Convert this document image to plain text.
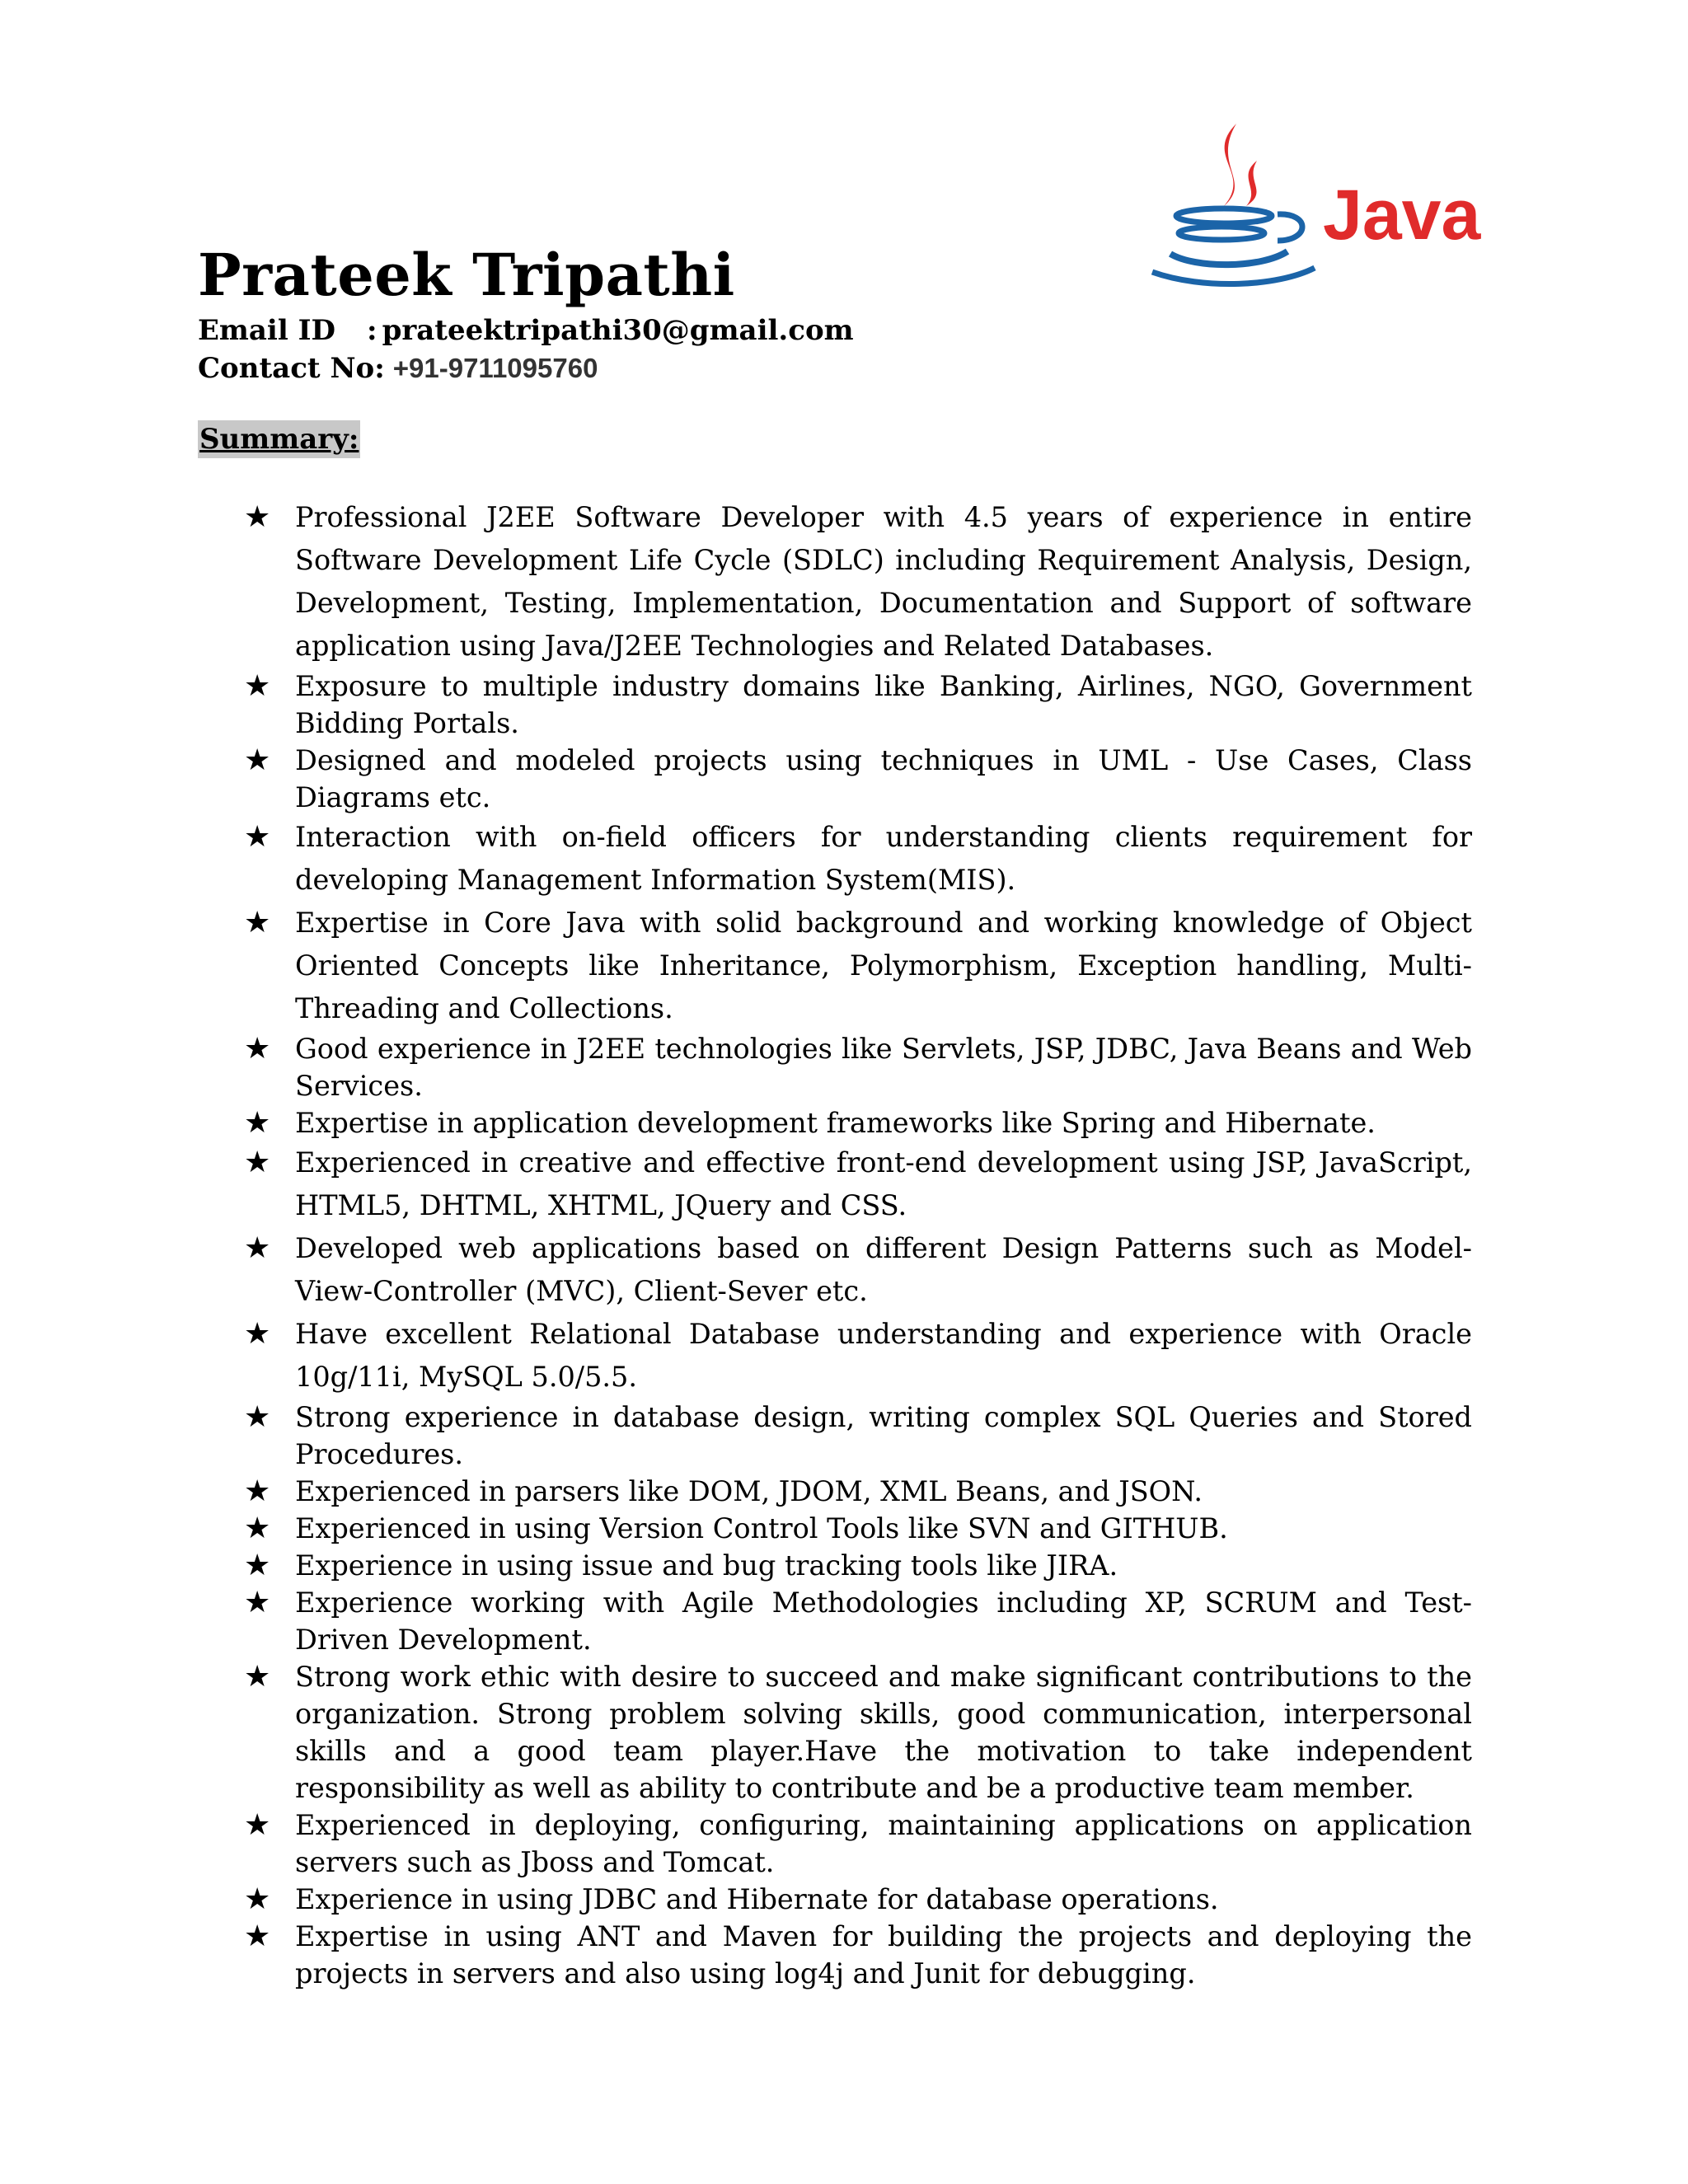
Java
Prateek Tripathi
Email ID : prateektripathi30@gmail.com
Contact No: +91-9711095760
Summary:
★ Professional J2EE Software Developer with 4.5 years of experience in entire Software Development Life Cycle (SDLC) including Requirement Analysis, Design, Development, Testing, Implementation, Documentation and Support of software application using Java/J2EE Technologies and Related Databases.
★ Exposure to multiple industry domains like Banking, Airlines, NGO, Government Bidding Portals.
★ Designed and modeled projects using techniques in UML - Use Cases, Class Diagrams etc.
★ Interaction with on-field officers for understanding clients requirement for developing Management Information System(MIS).
★ Expertise in Core Java with solid background and working knowledge of Object Oriented Concepts like Inheritance, Polymorphism, Exception handling, Multi-Threading and Collections.
★ Good experience in J2EE technologies like Servlets, JSP, JDBC, Java Beans and Web Services.
★ Expertise in application development frameworks like Spring and Hibernate.
★ Experienced in creative and effective front-end development using JSP, JavaScript, HTML5, DHTML, XHTML, JQuery and CSS.
★ Developed web applications based on different Design Patterns such as Model-View-Controller (MVC), Client-Sever etc.
★ Have excellent Relational Database understanding and experience with Oracle 10g/11i, MySQL 5.0/5.5.
★ Strong experience in database design, writing complex SQL Queries and Stored Procedures.
★ Experienced in parsers like DOM, JDOM, XML Beans, and JSON.
★ Experienced in using Version Control Tools like SVN and GITHUB.
★ Experience in using issue and bug tracking tools like JIRA.
★ Experience working with Agile Methodologies including XP, SCRUM and Test-Driven Development.
★ Strong work ethic with desire to succeed and make significant contributions to the organization. Strong problem solving skills, good communication, interpersonal skills and a good team player.Have the motivation to take independent responsibility as well as ability to contribute and be a productive team member.
★ Experienced in deploying, configuring, maintaining applications on application servers such as Jboss and Tomcat.
★ Experience in using JDBC and Hibernate for database operations.
★ Expertise in using ANT and Maven for building the projects and deploying the projects in servers and also using log4j and Junit for debugging.
